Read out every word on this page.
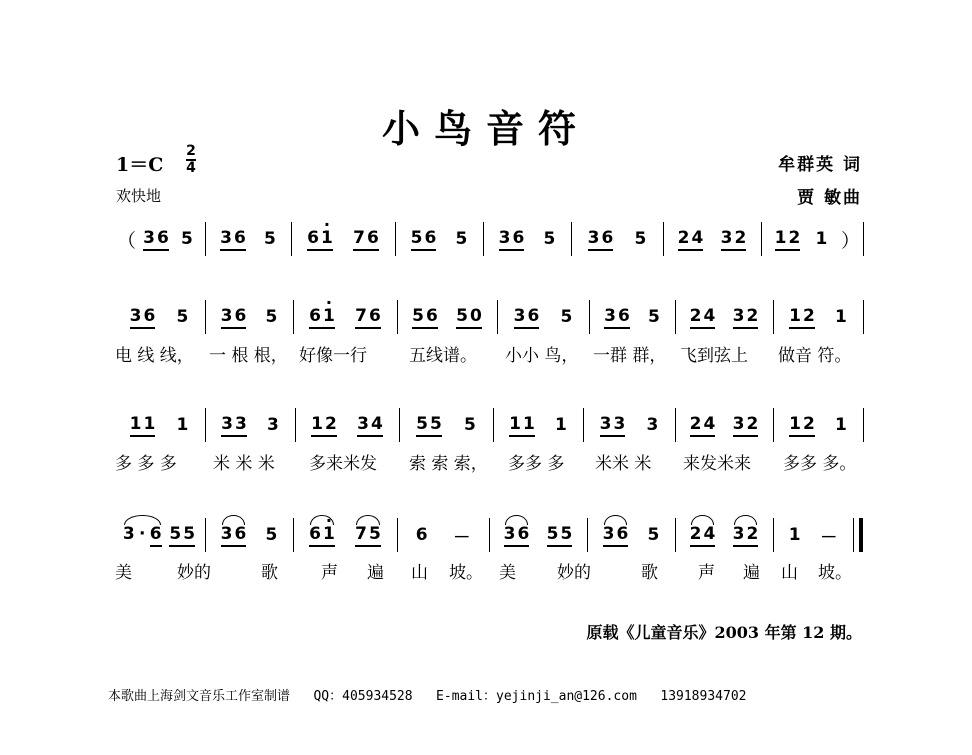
小鸟音符
1＝C
2
4
欢快地
牟群英 词
贾 敏曲
（	）
3 6 5 3 6 5 6 · 1 7 6 5 6 5 3 6 5 3 6 5 2 4 3 2 1 2 1
3 6 5 3 6 5 6 · 1 7 6 5 6 5 0 3 6 5 3 6 5 2 4 3 2 1 2 1
电 线 线， 一 根 根， 好像一行 五线谱。 小小 鸟， 一群 群， 飞到弦上 做音 符。
1 1 1 3 3 3 1 2 3 4 5 5 5 1 1 1 3 3 3 2 4 3 2 1 2 1
多 多 多 米 米 米 多来米发 索 索 索， 多多 多 米米 米 来发米来 多多 多。
3 · 6 5 5 3 6 5 6 · 1 7 5 6 － 3 6 5 5 3 6 5 2 4 3 2 1 －
美	妙的	歌	声 遍 山 坡。 美 妙的	歌 声 遍 山 坡。
原载《儿童音乐》2003 年第 12 期。
本歌曲上海剑文音乐工作室制谱   QQ：405934528   E-mail：yejinji_an@126.com   13918934702
